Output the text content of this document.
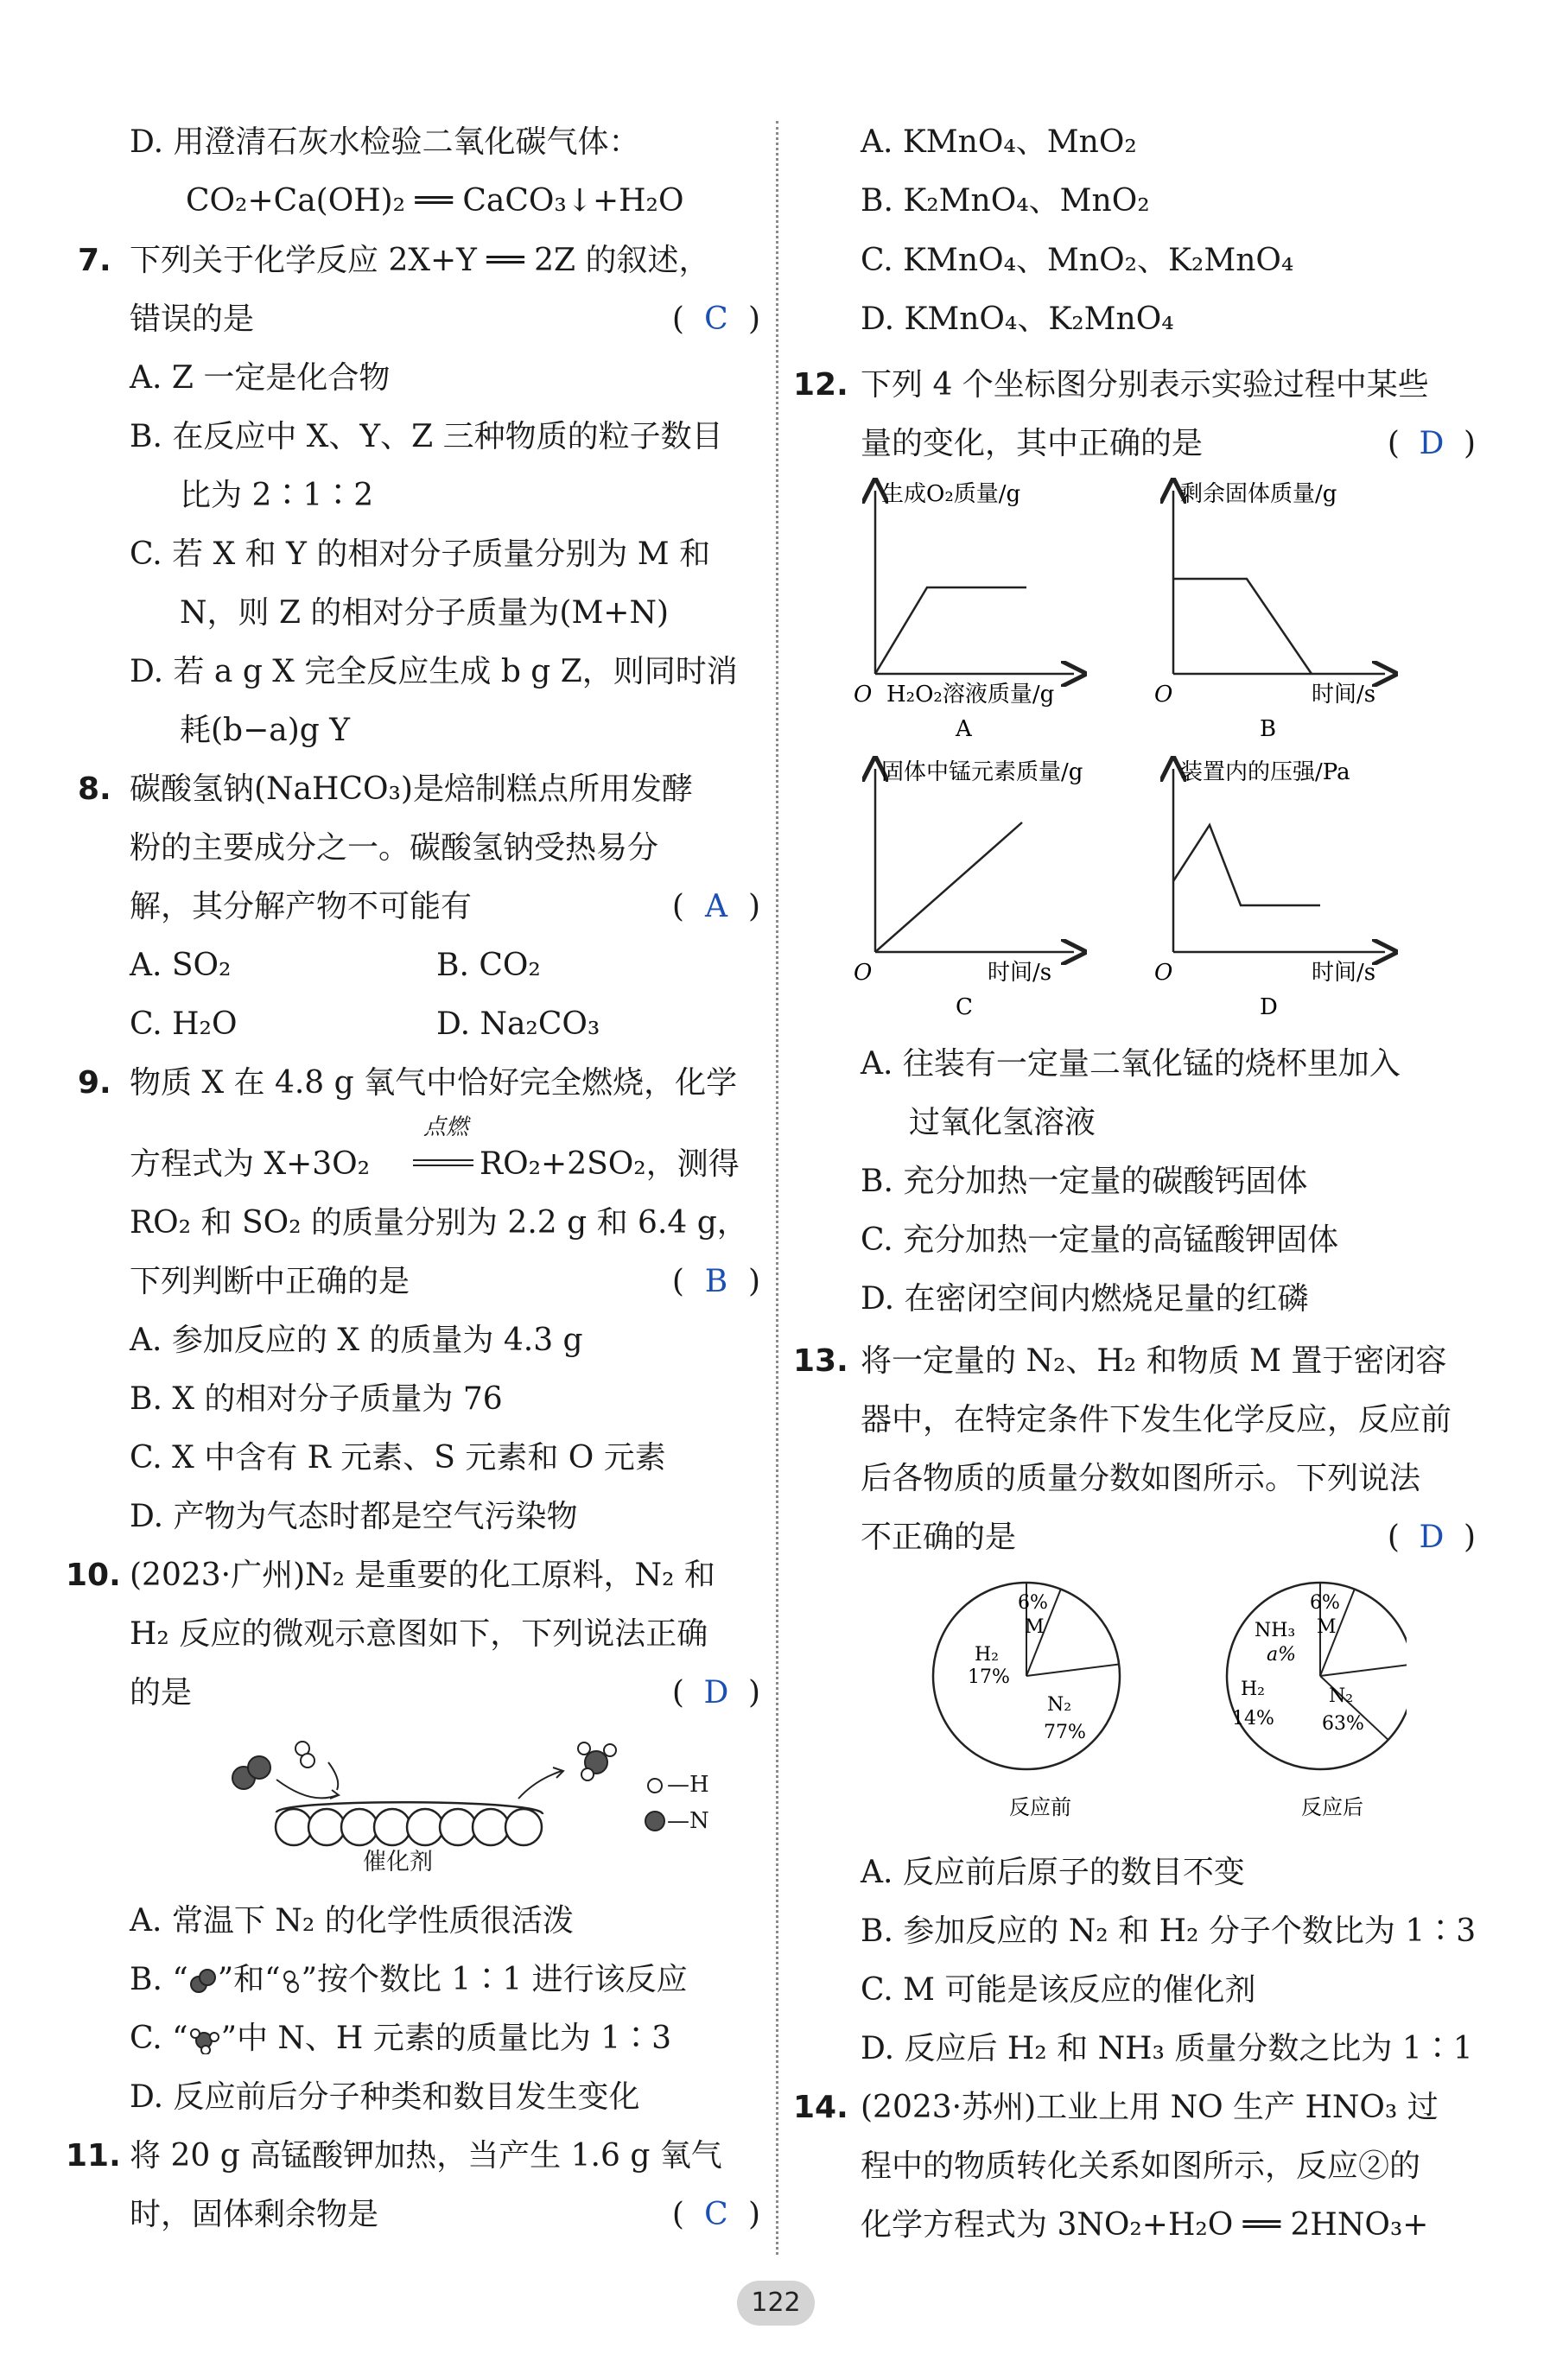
D. 用澄清石灰水检验二氧化碳气体：
CO₂+Ca(OH)₂ ══ CaCO₃↓+H₂O
7. 下列关于化学反应 2X+Y ══ 2Z 的叙述，
错误的是	( C )
A. Z 一定是化合物
B. 在反应中 X、Y、Z 三种物质的粒子数目
比为 2∶1∶2
C. 若 X 和 Y 的相对分子质量分别为 M 和
N，则 Z 的相对分子质量为(M+N)
D. 若 a g X 完全反应生成 b g Z，则同时消
耗(b−a)g Y
8. 碳酸氢钠(NaHCO₃)是焙制糕点所用发酵
粉的主要成分之一。碳酸氢钠受热易分
解，其分解产物不可能有	( A )
A. SO₂	B. CO₂
C. H₂O	D. Na₂CO₃
9. 物质 X 在 4.8 g 氧气中恰好完全燃烧，化学
方程式为 X+3O₂
点燃
RO₂+2SO₂，测得
RO₂ 和 SO₂ 的质量分别为 2.2 g 和 6.4 g，
下列判断中正确的是	( B )
A. 参加反应的 X 的质量为 4.3 g
B. X 的相对分子质量为 76
C. X 中含有 R 元素、S 元素和 O 元素
D. 产物为气态时都是空气污染物
10. (2023·广州)N₂ 是重要的化工原料，N₂ 和
H₂ 反应的微观示意图如下，下列说法正确
的是	( D )
—H
—N
催化剂
A. 常温下 N₂ 的化学性质很活泼
B. “ ”和“ ”按个数比 1∶1 进行该反应
C. “ ”中 N、H 元素的质量比为 1∶3
D. 反应前后分子种类和数目发生变化
11. 将 20 g 高锰酸钾加热，当产生 1.6 g 氧气
时，固体剩余物是	( C )
A. KMnO₄、MnO₂
B. K₂MnO₄、MnO₂
C. KMnO₄、MnO₂、K₂MnO₄
D. KMnO₄、K₂MnO₄
12. 下列 4 个坐标图分别表示实验过程中某些
量的变化，其中正确的是	( D )
生成O₂质量/g
O H₂O₂溶液质量/g
A
剩余固体质量/g
O	时间/s
B
固体中锰元素质量/g
O	时间/s
C
装置内的压强/Pa
O	时间/s
D
A. 往装有一定量二氧化锰的烧杯里加入
过氧化氢溶液
B. 充分加热一定量的碳酸钙固体
C. 充分加热一定量的高锰酸钾固体
D. 在密闭空间内燃烧足量的红磷
13. 将一定量的 N₂、H₂ 和物质 M 置于密闭容
器中，在特定条件下发生化学反应，反应前
后各物质的质量分数如图所示。下列说法
不正确的是	( D )
6%
M
H₂
17%
N₂
77%
反应前
6%
M
NH₃
a%
H₂
14%
N₂
63%
反应后
A. 反应前后原子的数目不变
B. 参加反应的 N₂ 和 H₂ 分子个数比为 1∶3
C. M 可能是该反应的催化剂
D. 反应后 H₂ 和 NH₃ 质量分数之比为 1∶1
14. (2023·苏州)工业上用 NO 生产 HNO₃ 过
程中的物质转化关系如图所示，反应②的
化学方程式为 3NO₂+H₂O ══ 2HNO₃+
122
